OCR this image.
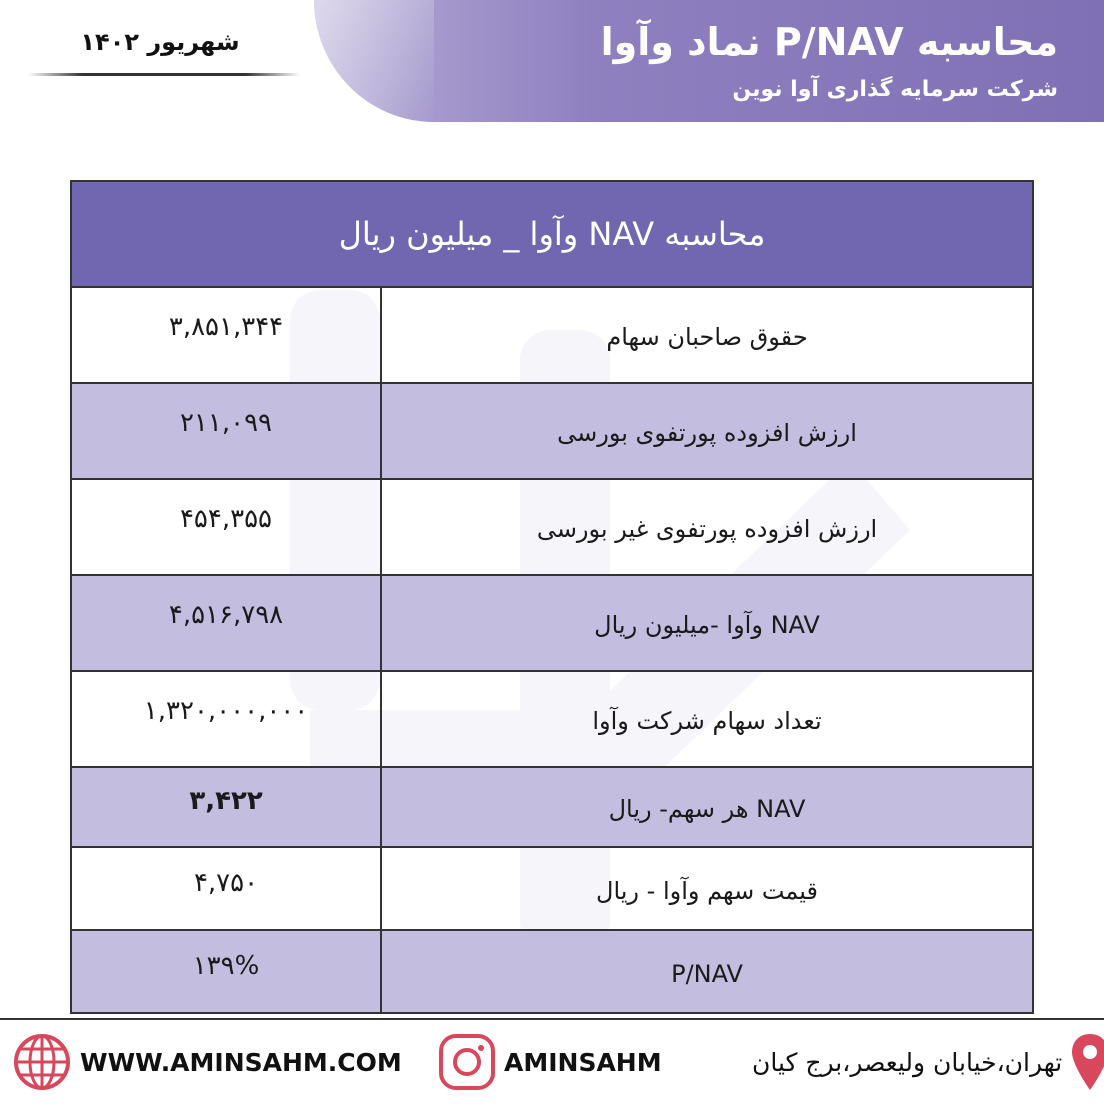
محاسبه P/NAV نماد وآوا

شرکت سرمایه گذاری آوا نوین

شهریور ۱۴۰۲
محاسبه NAV وآوا _ میلیون ریال
حقوق صاحبان سهام
۳,۸۵۱,۳۴۴
ارزش افزوده پورتفوی بورسی
۲۱۱,۰۹۹
ارزش افزوده پورتفوی غیر بورسی
۴۵۴,۳۵۵
NAV وآوا -میلیون ریال
۴,۵۱۶,۷۹۸
تعداد سهام شرکت وآوا
۱,۳۲۰,۰۰۰,۰۰۰
NAV هر سهم- ریال
۳,۴۲۲
قیمت سهم وآوا - ریال
۴,۷۵۰
P/NAV
۱۳۹%
WWW.AMINSAHM.COM	AMINSAHM	تهران،خیابان ولیعصر،برج کیان
